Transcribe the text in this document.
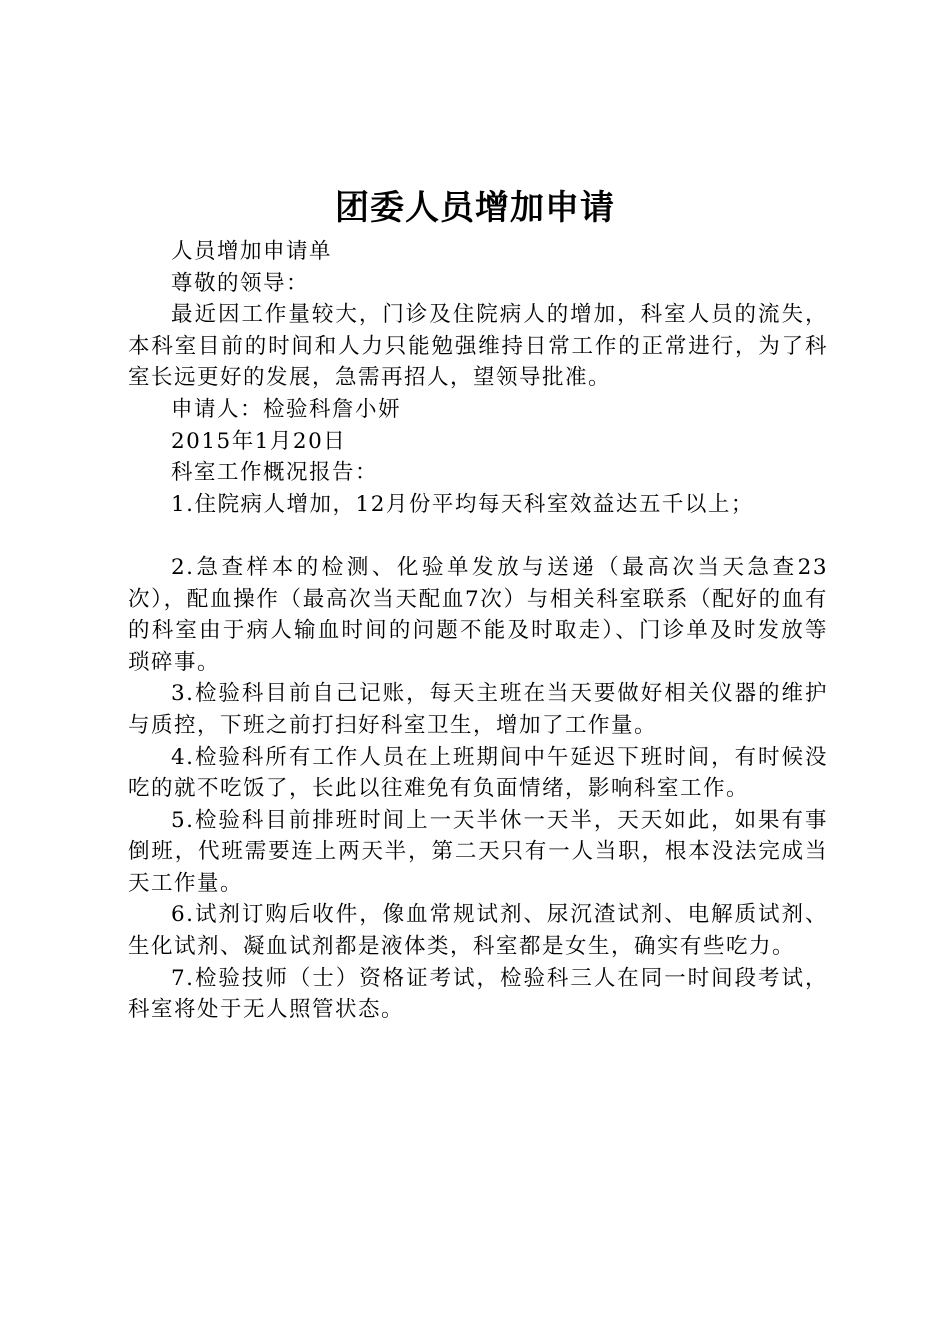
团委人员增加申请

人员增加申请单

尊敬的领导：

最近因工作量较大，门诊及住院病人的增加，科室人员的流失，本科室目前的时间和人力只能勉强维持日常工作的正常进行，为了科室长远更好的发展，急需再招人，望领导批准。

申请人：检验科詹小妍

2015年1月20日

科室工作概况报告：

1.住院病人增加，12月份平均每天科室效益达五千以上；

2.急查样本的检测、化验单发放与送递（最高次当天急查23次），配血操作（最高次当天配血7次）与相关科室联系（配好的血有的科室由于病人输血时间的问题不能及时取走）、门诊单及时发放等琐碎事。

3.检验科目前自己记账，每天主班在当天要做好相关仪器的维护与质控，下班之前打扫好科室卫生，增加了工作量。

4.检验科所有工作人员在上班期间中午延迟下班时间，有时候没吃的就不吃饭了，长此以往难免有负面情绪，影响科室工作。

5.检验科目前排班时间上一天半休一天半，天天如此，如果有事倒班，代班需要连上两天半，第二天只有一人当职，根本没法完成当天工作量。

6.试剂订购后收件，像血常规试剂、尿沉渣试剂、电解质试剂、生化试剂、凝血试剂都是液体类，科室都是女生，确实有些吃力。

7.检验技师（士）资格证考试，检验科三人在同一时间段考试，科室将处于无人照管状态。
